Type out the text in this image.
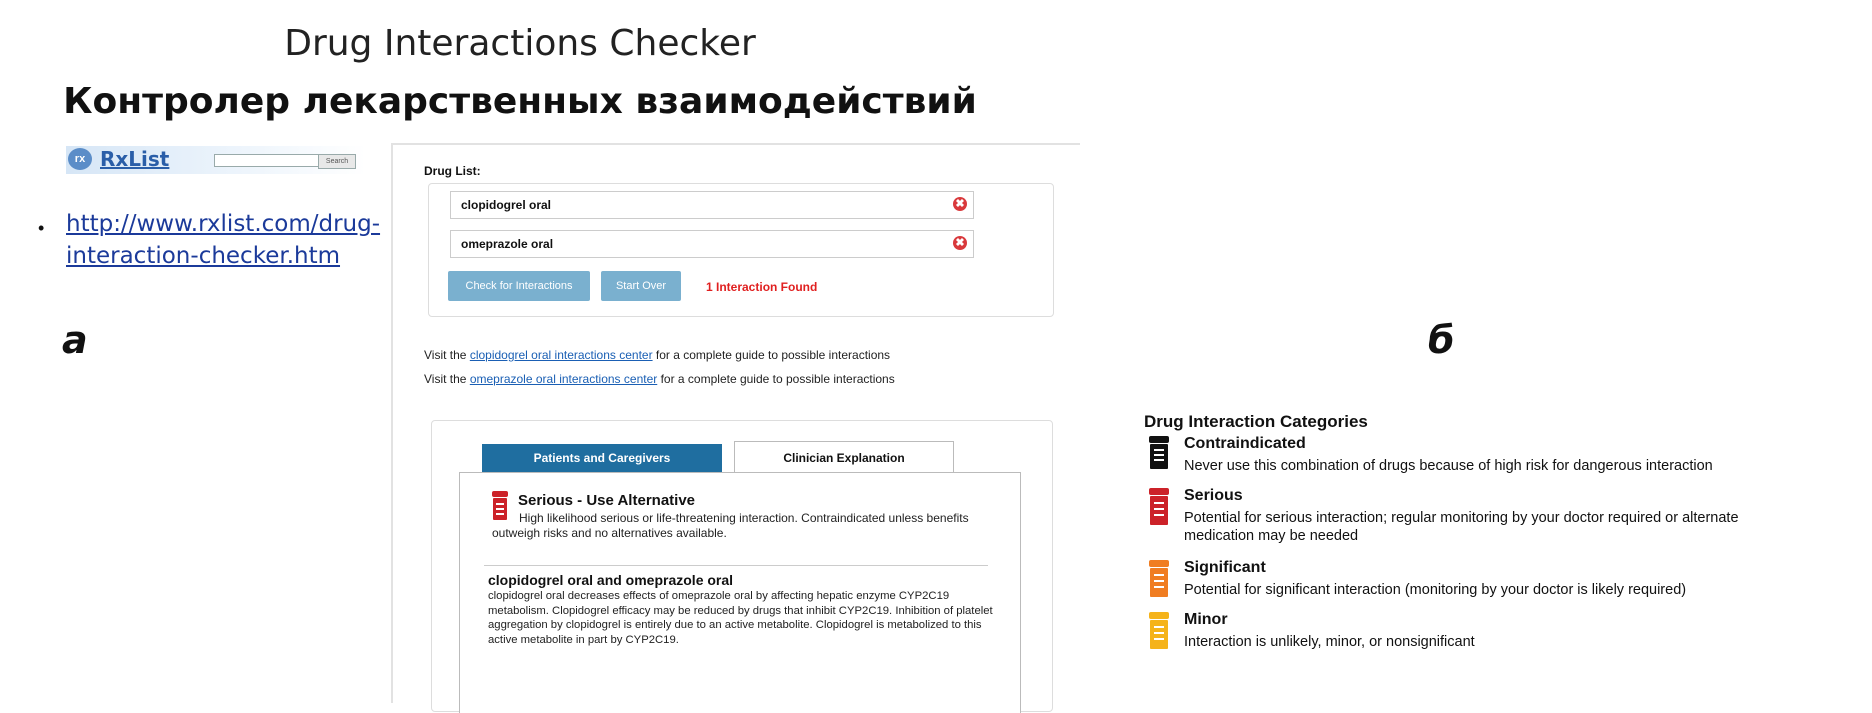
Drug Interactions Checker
Контролер лекарственных взаимодействий
rx RxList	Search
• http://www.rxlist.com/drug-interaction-checker.htm
а	б
Drug List:
clopidogrel oral	✖
omeprazole oral	✖
Check for Interactions	Start Over	1 Interaction Found
Visit the clopidogrel oral interactions center for a complete guide to possible interactions
Visit the omeprazole oral interactions center for a complete guide to possible interactions
Patients and Caregivers	Clinician Explanation
Serious - Use Alternative
High likelihood serious or life-threatening interaction. Contraindicated unless benefits outweigh risks and no alternatives available.
clopidogrel oral and omeprazole oral
clopidogrel oral decreases effects of omeprazole oral by affecting hepatic enzyme CYP2C19 metabolism. Clopidogrel efficacy may be reduced by drugs that inhibit CYP2C19. Inhibition of platelet aggregation by clopidogrel is entirely due to an active metabolite. Clopidogrel is metabolized to this active metabolite in part by CYP2C19.
Drug Interaction Categories
Contraindicated
Never use this combination of drugs because of high risk for dangerous interaction
Serious
Potential for serious interaction; regular monitoring by your doctor required or alternate medication may be needed
Significant
Potential for significant interaction (monitoring by your doctor is likely required)
Minor
Interaction is unlikely, minor, or nonsignificant
